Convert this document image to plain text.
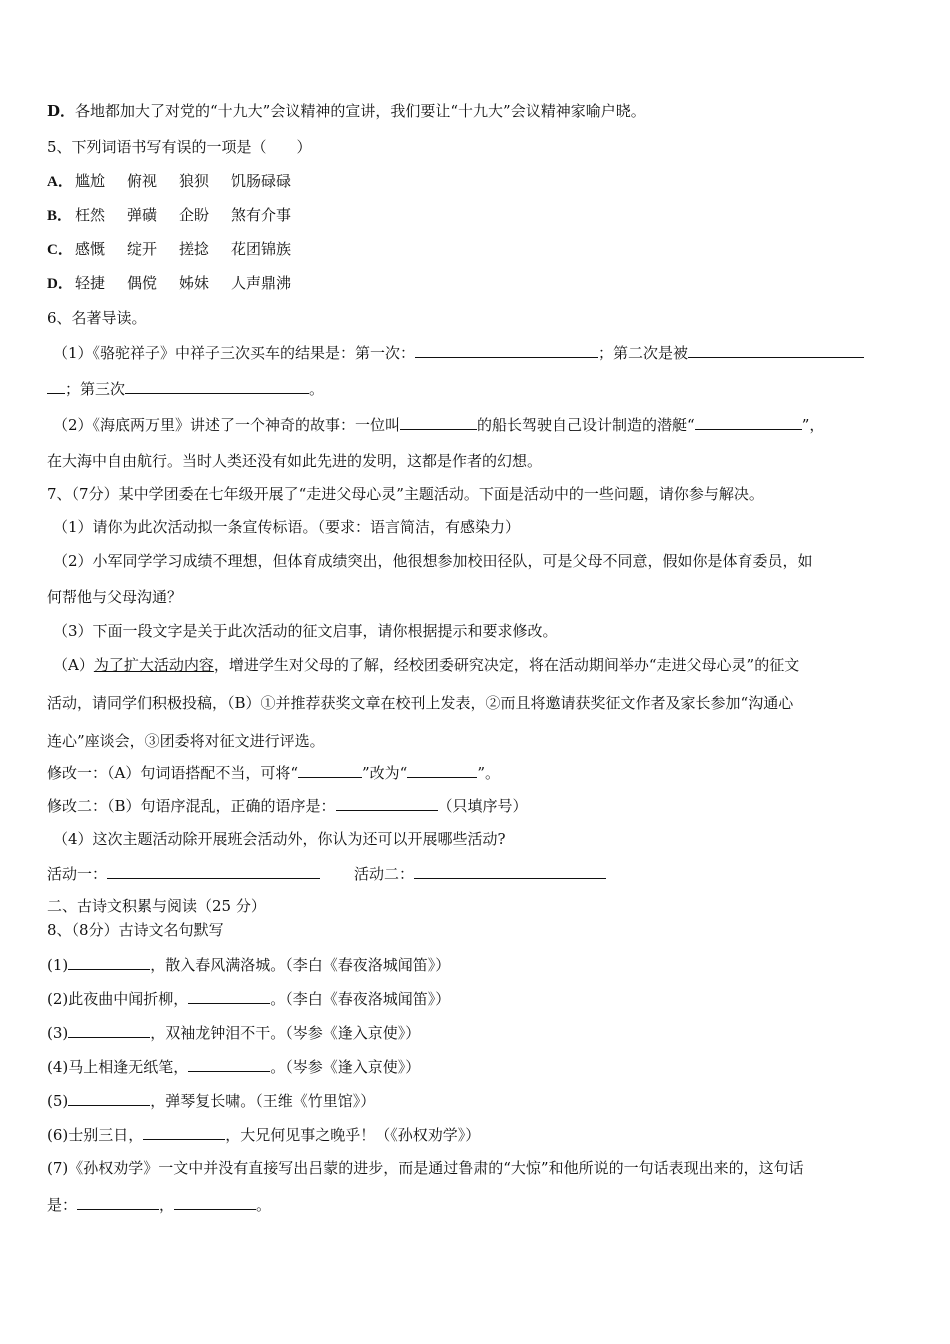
D．各地都加大了对党的“十九大”会议精神的宣讲，我们要让“十九大”会议精神家喻户晓。
5、下列词语书写有误的一项是（　　）
A． 尴尬 俯视 狼狈 饥肠碌碌
B． 枉然 弹磺 企盼 煞有介事
C． 感慨 绽开 搓捻 花团锦族
D． 轻捷 偶傥 姊妹 人声鼎沸
6、名著导读。
（1）《骆驼祥子》中祥子三次买车的结果是：第一次：	；第二次是被
；第三次	。
（2）《海底两万里》讲述了一个神奇的故事：一位叫	的船长驾驶自己设计制造的潜艇“	”，
在大海中自由航行。当时人类还没有如此先进的发明，这都是作者的幻想。
7、（7分）某中学团委在七年级开展了“走进父母心灵”主题活动。下面是活动中的一些问题，请你参与解决。
（1）请你为此次活动拟一条宣传标语。（要求：语言简洁，有感染力）
（2）小军同学学习成绩不理想，但体育成绩突出，他很想参加校田径队，可是父母不同意，假如你是体育委员，如
何帮他与父母沟通？
（3）下面一段文字是关于此次活动的征文启事，请你根据提示和要求修改。
（A）为了扩大活动内容，增进学生对父母的了解，经校团委研究决定，将在活动期间举办“走进父母心灵”的征文
活动，请同学们积极投稿，（B）①并推荐获奖文章在校刊上发表，②而且将邀请获奖征文作者及家长参加“沟通心
连心”座谈会，③团委将对征文进行评选。
修改一：（A）句词语搭配不当，可将“	”改为“	”。
修改二：（B）句语序混乱，正确的语序是：	（只填序号）
（4）这次主题活动除开展班会活动外，你认为还可以开展哪些活动?
活动一：	活动二：
二、古诗文积累与阅读（25 分）
8、（8分）古诗文名句默写
(1)	，散入春风满洛城。（李白《春夜洛城闻笛》）
(2)此夜曲中闻折柳，	。（李白《春夜洛城闻笛》）
(3)	，双袖龙钟泪不干。（岑参《逢入京使》）
(4)马上相逢无纸笔，	。（岑参《逢入京使》）
(5)	，弹琴复长啸。（王维《竹里馆》）
(6)士别三日，	，大兄何见事之晚乎！（《孙权劝学》）
(7)《孙权劝学》一文中并没有直接写出吕蒙的进步，而是通过鲁肃的“大惊”和他所说的一句话表现出来的，这句话
是：	，	。
